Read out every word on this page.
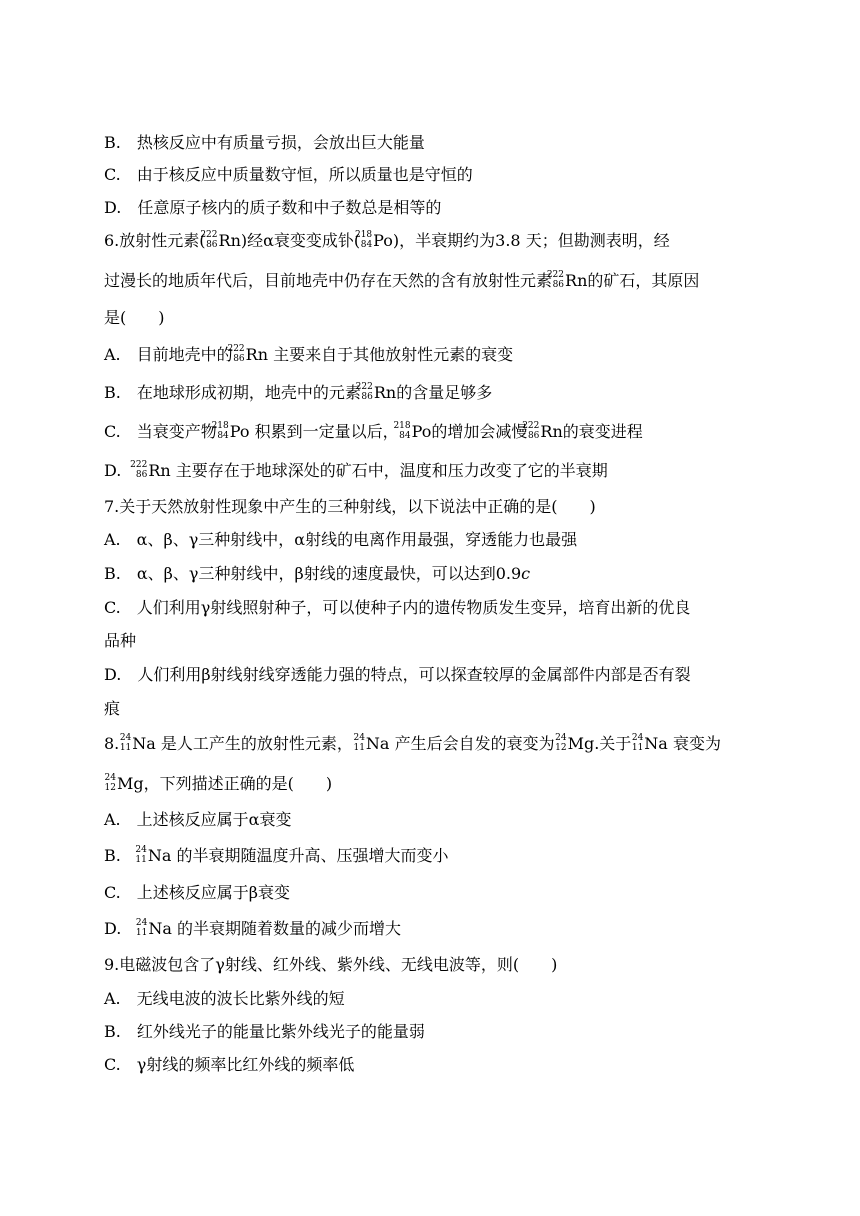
B.　热核反应中有质量亏损，会放出巨大能量
C.　由于核反应中质量数守恒，所以质量也是守恒的
D.　任意原子核内的质子数和中子数总是相等的
6.放射性元素(
222
86 Rn)经α衰变变成钋(
218
84 Po)，半衰期约为3.8 天；但勘测表明，经
过漫长的地质年代后，目前地壳中仍存在天然的含有放射性元素
222
86 Rn的矿石，其原因
是(　　)
A.　目前地壳中的
222
86 Rn 主要来自于其他放射性元素的衰变
B.　在地球形成初期，地壳中的元素
222
86 Rn的含量足够多
C.　当衰变产物
218
84 Po 积累到一定量以后，
218
84 Po的增加会减慢
222
86 Rn的衰变进程
D. 222
86 Rn 主要存在于地球深处的矿石中，温度和压力改变了它的半衰期
7.关于天然放射性现象中产生的三种射线，以下说法中正确的是(　　)
A.　α、β、γ三种射线中，α射线的电离作用最强，穿透能力也最强
B.　α、β、γ三种射线中，β射线的速度最快，可以达到0.9c
C.　人们利用γ射线照射种子，可以使种子内的遗传物质发生变异，培育出新的优良
品种
D.　人们利用β射线射线穿透能力强的特点，可以探查较厚的金属部件内部是否有裂
痕
8. 24
11 Na 是人工产生的放射性元素， 24
11 Na 产生后会自发的衰变为 24
12 Mg.关于 24
11 Na 衰变为
24
12 Mg，下列描述正确的是(　　)
A.　上述核反应属于α衰变
B. 24
11 Na 的半衰期随温度升高、压强增大而变小
C.　上述核反应属于β衰变
D. 24
11 Na 的半衰期随着数量的减少而增大
9.电磁波包含了γ射线、红外线、紫外线、无线电波等，则(　　)
A.　无线电波的波长比紫外线的短
B.　红外线光子的能量比紫外线光子的能量弱
C.　γ射线的频率比红外线的频率低
